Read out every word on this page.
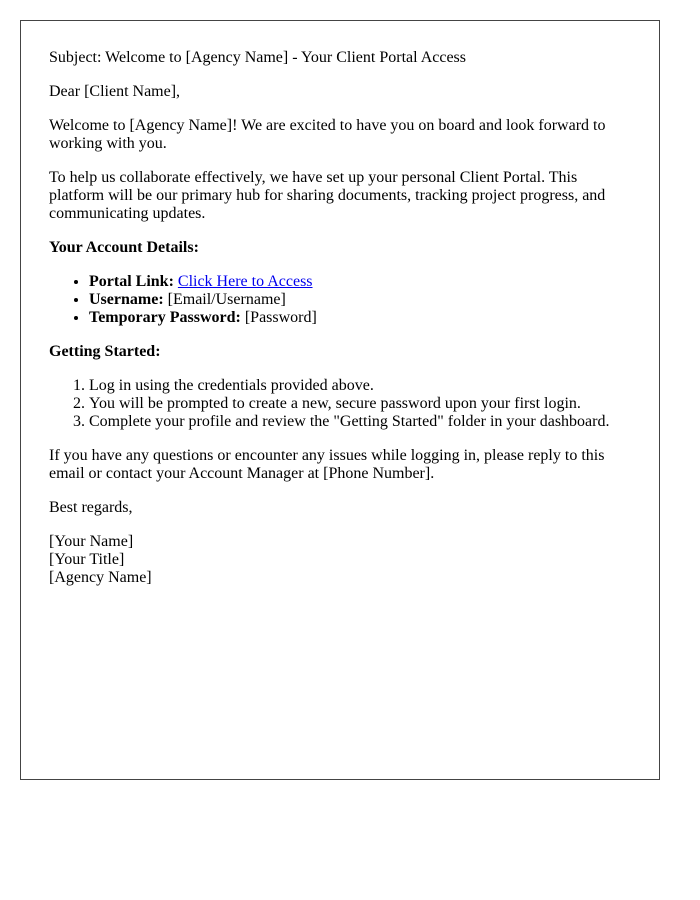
Subject: Welcome to [Agency Name] - Your Client Portal Access

Dear [Client Name],

Welcome to [Agency Name]! We are excited to have you on board and look forward to working with you.

To help us collaborate effectively, we have set up your personal Client Portal. This platform will be our primary hub for sharing documents, tracking project progress, and communicating updates.

Your Account Details:
• Portal Link: Click Here to Access
• Username: [Email/Username]
• Temporary Password: [Password]
Getting Started:
1. Log in using the credentials provided above.
2. You will be prompted to create a new, secure password upon your first login.
3. Complete your profile and review the "Getting Started" folder in your dashboard.

If you have any questions or encounter any issues while logging in, please reply to this email or contact your Account Manager at [Phone Number].

Best regards,

[Your Name]
[Your Title]
[Agency Name]
